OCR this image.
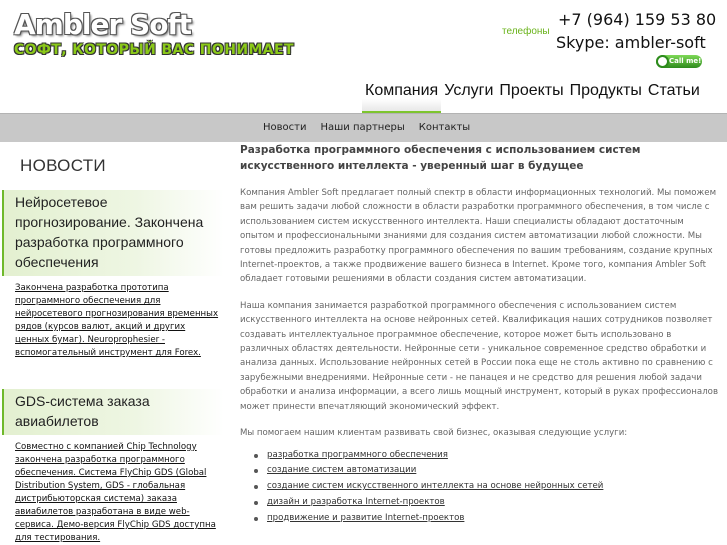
Ambler Soft
СОФТ, КОТОРЫЙ ВАС ПОНИМАЕТ
телефоны
+7 (964) 159 53 80
Skype: ambler-soft
Call me!
Компания Услуги Проекты Продукты Статьи
Новости	Наши партнеры	Контакты
НОВОСТИ
Нейросетевое прогнозирование. Закончена разработка программного обеспечения
Закончена разработка прототипа программного обеспечения для нейросетевого прогнозирования временных рядов (курсов валют, акций и других ценных бумаг). Neuroprophesier - вспомогательный инструмент для Forex.
GDS-система заказа авиабилетов
Совместно с компанией Chip Technology закончена разработка программного обеспечения. Система FlyChip GDS (Global Distribution System, GDS - глобальная дистрибьюторская система) заказа авиабилетов разработана в виде web-сервиса. Демо-версия FlyChip GDS доступна для тестирования.
Разработка программного обеспечения с использованием систем искусственного интеллекта - уверенный шаг в будущее

Компания Ambler Soft предлагает полный спектр в области информационных технологий. Мы поможем вам решить задачи любой сложности в области разработки программного обеспечения, в том числе с использованием систем искусственного интеллекта. Наши специалисты обладают достаточным опытом и профессиональными знаниями для создания систем автоматизации любой сложности. Мы готовы предложить разработку программного обеспечения по вашим требованиям, создание крупных Internet-проектов, а также продвижение вашего бизнеса в Internet. Кроме того, компания Ambler Soft обладает готовыми решениями в области создания систем автоматизации.

Наша компания занимается разработкой программного обеспечения с использованием систем искусственного интеллекта на основе нейронных сетей. Квалификация наших сотрудников позволяет создавать интеллектуальное программное обеспечение, которое может быть использовано в различных областях деятельности. Нейронные сети - уникальное современное средство обработки и анализа данных. Использование нейронных сетей в России пока еще не столь активно по сравнению с зарубежными внедрениями. Нейронные сети - не панацея и не средство для решения любой задачи обработки и анализа информации, а всего лишь мощный инструмент, который в руках профессионалов может принести впечатляющий экономический эффект.

Мы помогаем нашим клиентам развивать свой бизнес, оказывая следующие услуги:

разработка программного обеспечения
создание систем автоматизации
создание систем искусственного интеллекта на основе нейронных сетей
дизайн и разработка Internet-проектов
продвижение и развитие Internet-проектов
